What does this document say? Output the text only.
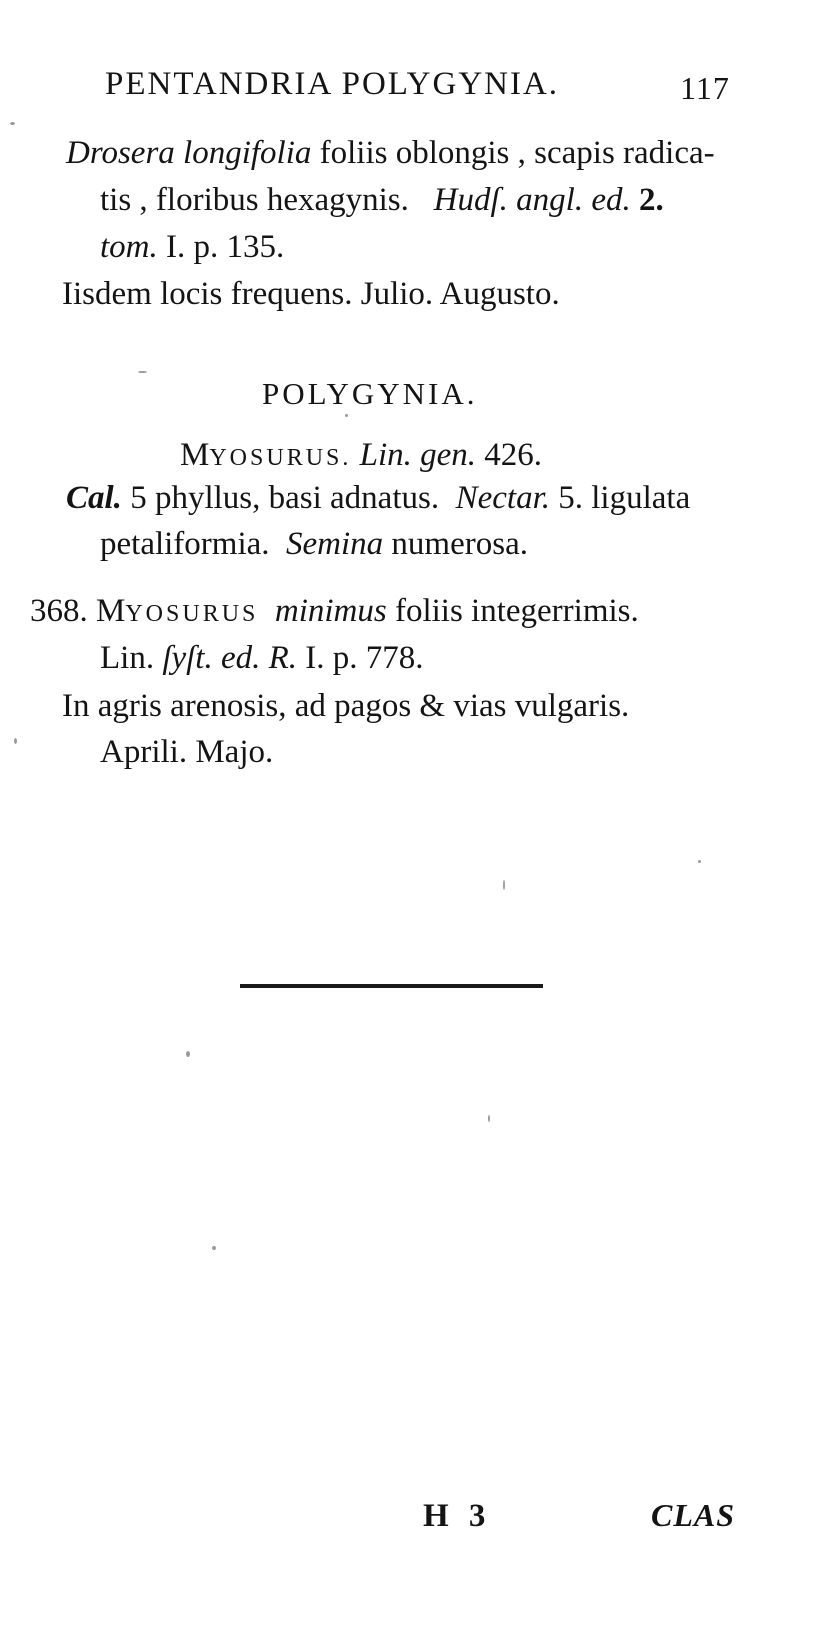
PENTANDRIA POLYGYNIA.	117
Drosera longifolia foliis oblongis , scapis radica-
tis , floribus hexagynis. Hudſ. angl. ed. 2.
tom. I. p. 135.
Iisdem locis frequens. Julio. Augusto.
POLYGYNIA.
MYOSURUS. Lin. gen. 426.
Cal. 5 phyllus, basi adnatus. Nectar. 5. ligulata
petaliformia. Semina numerosa.
368. MYOSURUS minimus foliis integerrimis.
Lin. ſyſt. ed. R. I. p. 778.
In agris arenosis, ad pagos & vias vulgaris.
Aprili. Majo.
H 3	CLAS
